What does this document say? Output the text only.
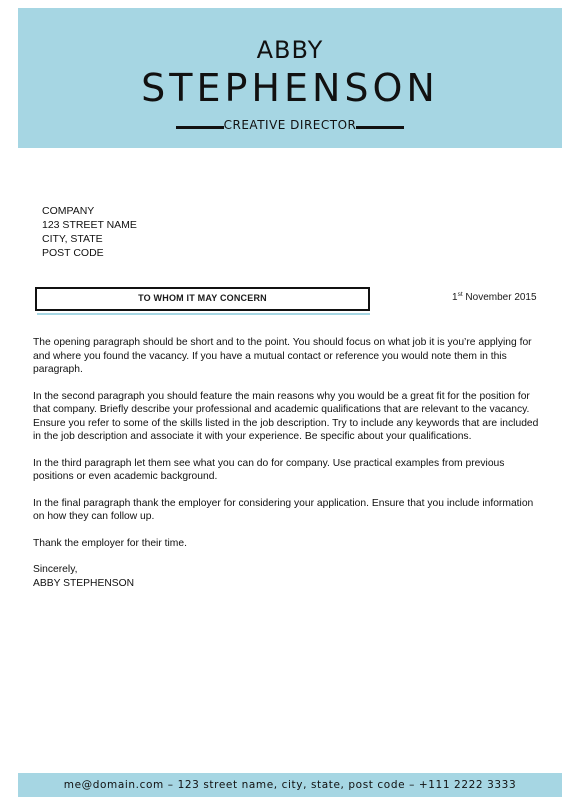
ABBY
STEPHENSON
CREATIVE DIRECTOR
COMPANY
123 STREET NAME
CITY, STATE
POST CODE
TO WHOM IT MAY CONCERN	1st November 2015

The opening paragraph should be short and to the point. You should focus on what job it is you’re applying for and where you found the vacancy. If you have a mutual contact or reference you would note them in this paragraph.

In the second paragraph you should feature the main reasons why you would be a great fit for the position for that company. Briefly describe your professional and academic qualifications that are relevant to the vacancy. Ensure you refer to some of the skills listed in the job description. Try to include any keywords that are included in the job description and associate it with your experience. Be specific about your qualifications.

In the third paragraph let them see what you can do for company. Use practical examples from previous positions or even academic background.

In the final paragraph thank the employer for considering your application. Ensure that you include information on how they can follow up.

Thank the employer for their time.

Sincerely,
ABBY STEPHENSON
me@domain.com – 123 street name, city, state, post code – +111 2222 3333
